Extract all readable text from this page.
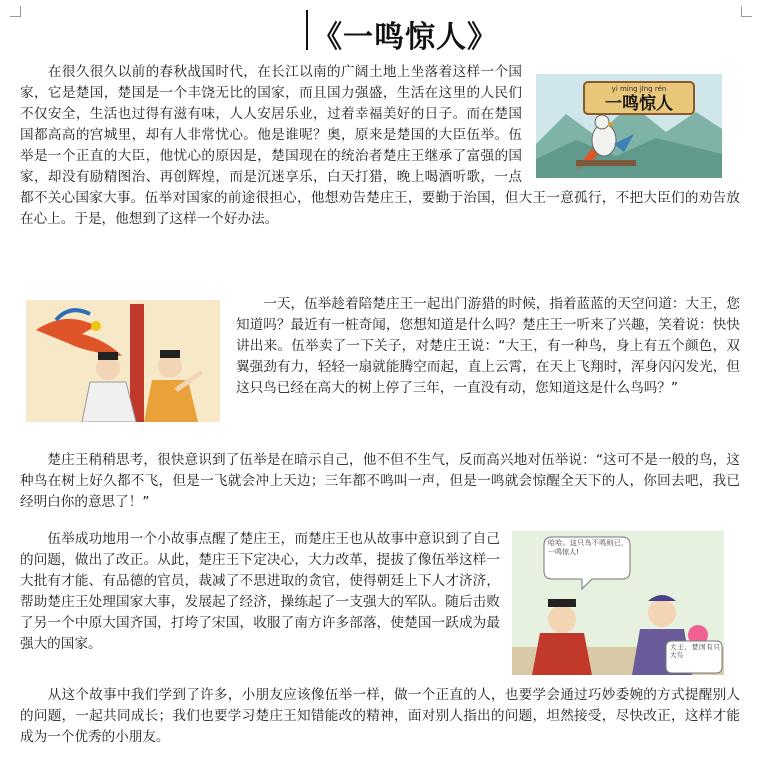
《一鸣惊人》

yì míng jīng rén
一鸣惊人
　　在很久很久以前的春秋战国时代，在长江以南的广阔土地上坐落着这样一个国家，它是楚国，楚国是一个丰饶无比的国家，而且国力强盛，生活在这里的人民们不仅安全，生活也过得有滋有味，人人安居乐业，过着幸福美好的日子。而在楚国国都高高的宫城里，却有人非常忧心。他是谁呢？奥，原来是楚国的大臣伍举。伍举是一个正直的大臣，他忧心的原因是，楚国现在的统治者楚庄王继承了富强的国家，却没有励精图治、再创辉煌，而是沉迷享乐，白天打猎，晚上喝酒听歌，一点都不关心国家大事。伍举对国家的前途很担心，他想劝告楚庄王，要勤于治国，但大王一意孤行，不把大臣们的劝告放在心上。于是，他想到了这样一个好办法。

　　一天，伍举趁着陪楚庄王一起出门游猎的时候，指着蓝蓝的天空问道：大王，您知道吗？最近有一桩奇闻，您想知道是什么吗？楚庄王一听来了兴趣，笑着说：快快讲出来。伍举卖了一下关子，对楚庄王说：“大王，有一种鸟，身上有五个颜色，双翼强劲有力，轻轻一扇就能腾空而起，直上云霄，在天上飞翔时，浑身闪闪发光，但这只鸟已经在高大的树上停了三年，一直没有动，您知道这是什么鸟吗？”

　　楚庄王稍稍思考，很快意识到了伍举是在暗示自己，他不但不生气，反而高兴地对伍举说：“这可不是一般的鸟，这种鸟在树上好久都不飞，但是一飞就会冲上天边；三年都不鸣叫一声，但是一鸣就会惊醒全天下的人，你回去吧，我已经明白你的意思了！”

哈哈。这只鸟不鸣则已，一鸣惊人!
大王，楚国有只大鸟
　　伍举成功地用一个小故事点醒了楚庄王，而楚庄王也从故事中意识到了自己的问题，做出了改正。从此，楚庄王下定决心，大力改革，提拔了像伍举这样一大批有才能、有品德的官员，裁减了不思进取的贪官，使得朝廷上下人才济济，帮助楚庄王处理国家大事，发展起了经济，操练起了一支强大的军队。随后击败了另一个中原大国齐国，打垮了宋国，收服了南方许多部落，使楚国一跃成为最强大的国家。

　　从这个故事中我们学到了许多，小朋友应该像伍举一样，做一个正直的人，也要学会通过巧妙委婉的方式提醒别人的问题，一起共同成长；我们也要学习楚庄王知错能改的精神，面对别人指出的问题，坦然接受，尽快改正，这样才能成为一个优秀的小朋友。
